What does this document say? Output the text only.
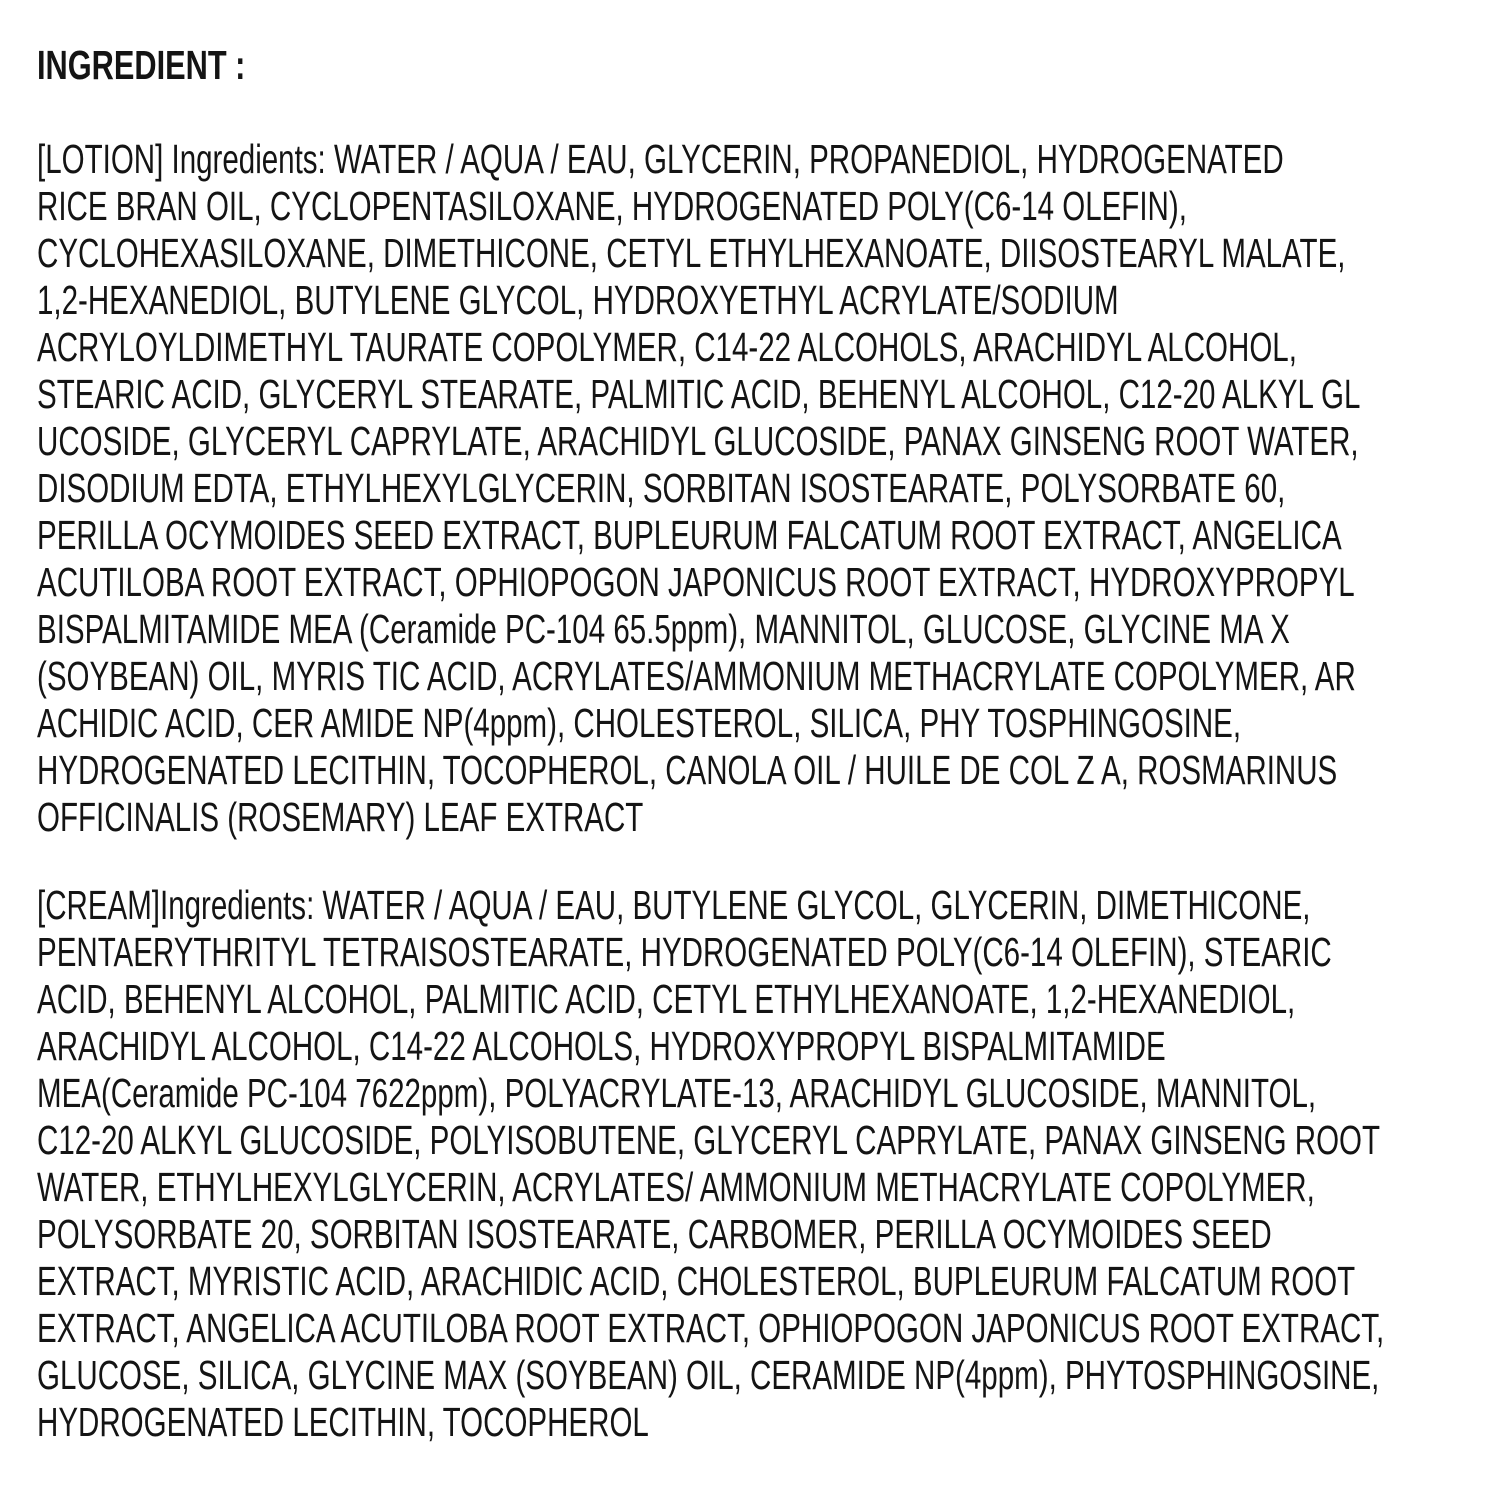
INGREDIENT :
[LOTION] Ingredients: WATER / AQUA / EAU, GLYCERIN, PROPANEDIOL, HYDROGENATED
RICE BRAN OIL, CYCLOPENTASILOXANE, HYDROGENATED POLY(C6-14 OLEFIN),
CYCLOHEXASILOXANE, DIMETHICONE, CETYL ETHYLHEXANOATE, DIISOSTEARYL MALATE,
1,2-HEXANEDIOL, BUTYLENE GLYCOL, HYDROXYETHYL ACRYLATE/SODIUM
ACRYLOYLDIMETHYL TAURATE COPOLYMER, C14-22 ALCOHOLS, ARACHIDYL ALCOHOL,
STEARIC ACID, GLYCERYL STEARATE, PALMITIC ACID, BEHENYL ALCOHOL, C12-20 ALKYL GL
UCOSIDE, GLYCERYL CAPRYLATE, ARACHIDYL GLUCOSIDE, PANAX GINSENG ROOT WATER,
DISODIUM EDTA, ETHYLHEXYLGLYCERIN, SORBITAN ISOSTEARATE, POLYSORBATE 60,
PERILLA OCYMOIDES SEED EXTRACT, BUPLEURUM FALCATUM ROOT EXTRACT, ANGELICA
ACUTILOBA ROOT EXTRACT, OPHIOPOGON JAPONICUS ROOT EXTRACT, HYDROXYPROPYL
BISPALMITAMIDE MEA (Ceramide PC-104 65.5ppm), MANNITOL, GLUCOSE, GLYCINE MA X
(SOYBEAN) OIL, MYRIS TIC ACID, ACRYLATES/AMMONIUM METHACRYLATE COPOLYMER, AR
ACHIDIC ACID, CER AMIDE NP(4ppm), CHOLESTEROL, SILICA, PHY TOSPHINGOSINE,
HYDROGENATED LECITHIN, TOCOPHEROL, CANOLA OIL / HUILE DE COL Z A, ROSMARINUS
OFFICINALIS (ROSEMARY) LEAF EXTRACT
[CREAM]Ingredients: WATER / AQUA / EAU, BUTYLENE GLYCOL, GLYCERIN, DIMETHICONE,
PENTAERYTHRITYL TETRAISOSTEARATE, HYDROGENATED POLY(C6-14 OLEFIN), STEARIC
ACID, BEHENYL ALCOHOL, PALMITIC ACID, CETYL ETHYLHEXANOATE, 1,2-HEXANEDIOL,
ARACHIDYL ALCOHOL, C14-22 ALCOHOLS, HYDROXYPROPYL BISPALMITAMIDE
MEA(Ceramide PC-104 7622ppm), POLYACRYLATE-13, ARACHIDYL GLUCOSIDE, MANNITOL,
C12-20 ALKYL GLUCOSIDE, POLYISOBUTENE, GLYCERYL CAPRYLATE, PANAX GINSENG ROOT
WATER, ETHYLHEXYLGLYCERIN, ACRYLATES/ AMMONIUM METHACRYLATE COPOLYMER,
POLYSORBATE 20, SORBITAN ISOSTEARATE, CARBOMER, PERILLA OCYMOIDES SEED
EXTRACT, MYRISTIC ACID, ARACHIDIC ACID, CHOLESTEROL, BUPLEURUM FALCATUM ROOT
EXTRACT, ANGELICA ACUTILOBA ROOT EXTRACT, OPHIOPOGON JAPONICUS ROOT EXTRACT,
GLUCOSE, SILICA, GLYCINE MAX (SOYBEAN) OIL, CERAMIDE NP(4ppm), PHYTOSPHINGOSINE,
HYDROGENATED LECITHIN, TOCOPHEROL
